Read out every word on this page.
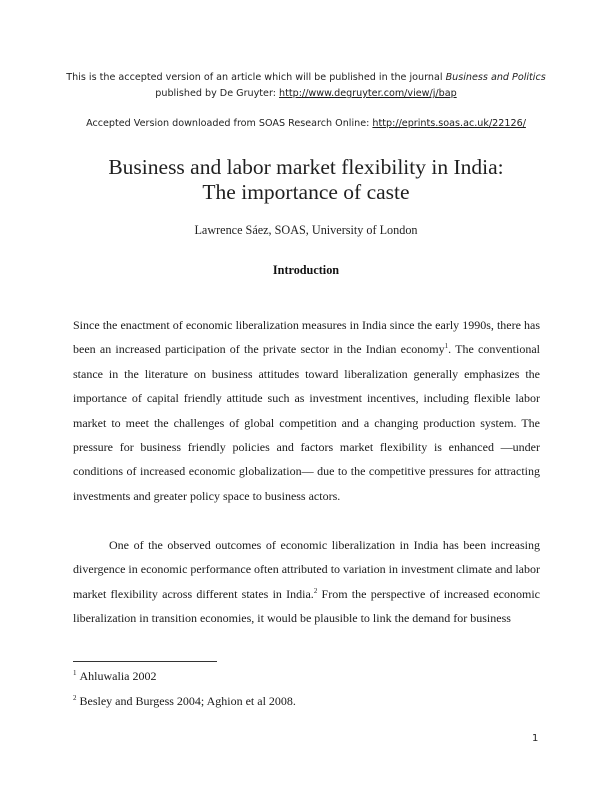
This is the accepted version of an article which will be published in the journal Business and Politics
published by De Gruyter: http://www.degruyter.com/view/j/bap
Accepted Version downloaded from SOAS Research Online: http://eprints.soas.ac.uk/22126/
Business and labor market flexibility in India:
The importance of caste
Lawrence Sáez, SOAS, University of London
Introduction

Since the enactment of economic liberalization measures in India since the early 1990s, there has been an increased participation of the private sector in the Indian economy$^1$. The conventional stance in the literature on business attitudes toward liberalization generally emphasizes the importance of capital friendly attitude such as investment incentives, including flexible labor market to meet the challenges of global competition and a changing production system. The pressure for business friendly policies and factors market flexibility is enhanced —under conditions of increased economic globalization— due to the competitive pressures for attracting investments and greater policy space to business actors.

One of the observed outcomes of economic liberalization in India has been increasing divergence in economic performance often attributed to variation in investment climate and labor market flexibility across different states in India.$^2$ From the perspective of increased economic liberalization in transition economies, it would be plausible to link the demand for business

$^1$ Ahluwalia 2002
$^2$ Besley and Burgess 2004; Aghion et al 2008.
1
